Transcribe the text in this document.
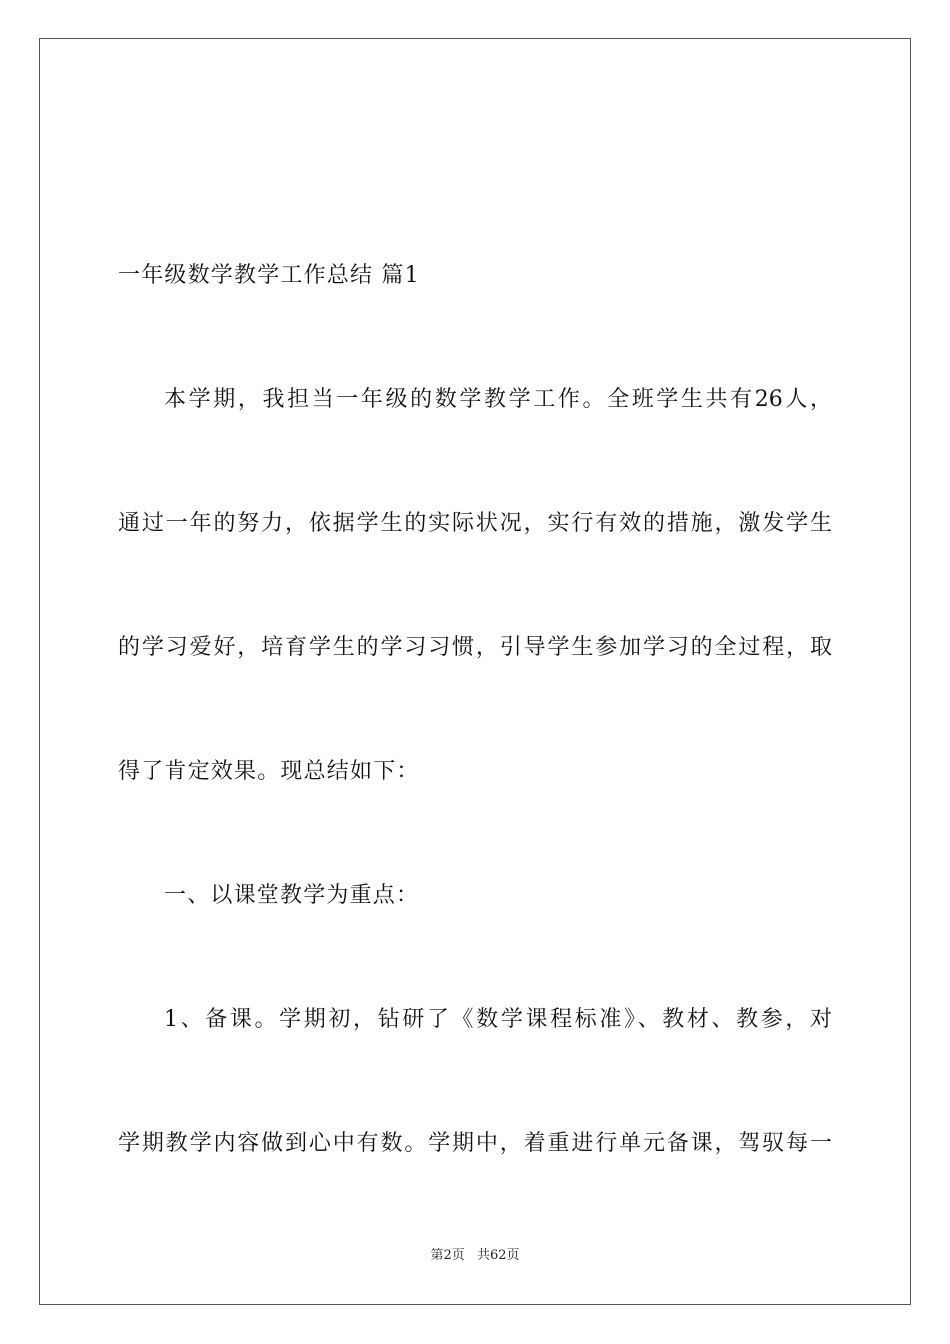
一年级数学教学工作总结 篇1
本学期，我担当一年级的数学教学工作。全班学生共有26人，
通过一年的努力，依据学生的实际状况，实行有效的措施，激发学生
的学习爱好，培育学生的学习习惯，引导学生参加学习的全过程，取
得了肯定效果。现总结如下：
一、以课堂教学为重点：
1、备课。学期初，钻研了《数学课程标准》、教材、教参，对
学期教学内容做到心中有数。学期中，着重进行单元备课，驾驭每一
第2页 共62页
